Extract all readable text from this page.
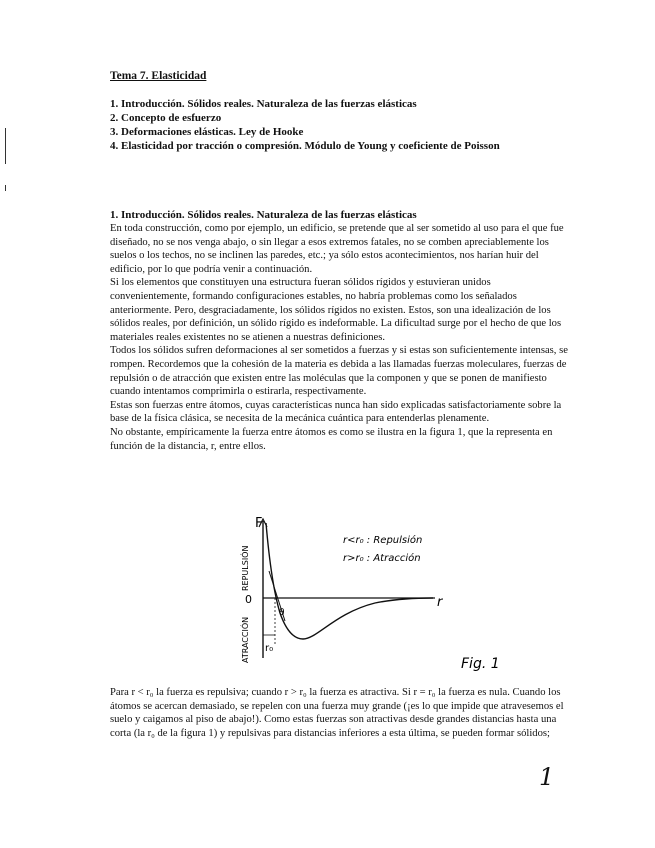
Tema 7. Elasticidad
1. Introducción. Sólidos reales. Naturaleza de las fuerzas elásticas
2. Concepto de esfuerzo
3. Deformaciones elásticas. Ley de Hooke
4. Elasticidad por tracción o compresión. Módulo de Young y coeficiente de Poisson
1. Introducción. Sólidos reales. Naturaleza de las fuerzas elásticas

En toda construcción, como por ejemplo, un edificio, se pretende que al ser sometido al uso para el que fue diseñado, no se nos venga abajo, o sin llegar a esos extremos fatales, no se comben apreciablemente los suelos o los techos, no se inclinen las paredes, etc.; ya sólo estos acontecimientos, nos harían huir del edificio, por lo que podría venir a continuación.

Si los elementos que constituyen una estructura fueran sólidos rígidos y estuvieran unidos convenientemente, formando configuraciones estables, no habría problemas como los señalados anteriormente. Pero, desgraciadamente, los sólidos rígidos no existen. Estos, son una idealización de los sólidos reales, por definición, un sólido rígido es indeformable. La dificultad surge por el hecho de que los materiales reales existentes no se atienen a nuestras definiciones.

Todos los sólidos sufren deformaciones al ser sometidos a fuerzas y si estas son suficientemente intensas, se rompen. Recordemos que la cohesión de la materia es debida a las llamadas fuerzas moleculares, fuerzas de repulsión o de atracción que existen entre las moléculas que la componen y que se ponen de manifiesto cuando intentamos comprimirla o estirarla, respectivamente.

Estas son fuerzas entre átomos, cuyas características nunca han sido explicadas satisfactoriamente sobre la base de la física clásica, se necesita de la mecánica cuántica para entenderlas plenamente.

No obstante, empíricamente la fuerza entre átomos es como se ilustra en la figura 1, que la representa en función de la distancia, r, entre ellos.

F
r
0
REPULSIÓN
ATRACCIÓN
θ
r₀
r<r₀ : Repulsión
r>r₀ : Atracción
Fig. 1

Para r < r₀ la fuerza es repulsiva; cuando r > r₀ la fuerza es atractiva. Si r = r₀ la fuerza es nula. Cuando los átomos se acercan demasiado, se repelen con una fuerza muy grande (¡es lo que impide que atravesemos el suelo y caigamos al piso de abajo!). Como estas fuerzas son atractivas desde grandes distancias hasta una corta (la r₀ de la figura 1) y repulsivas para distancias inferiores a esta última, se pueden formar sólidos;

1
